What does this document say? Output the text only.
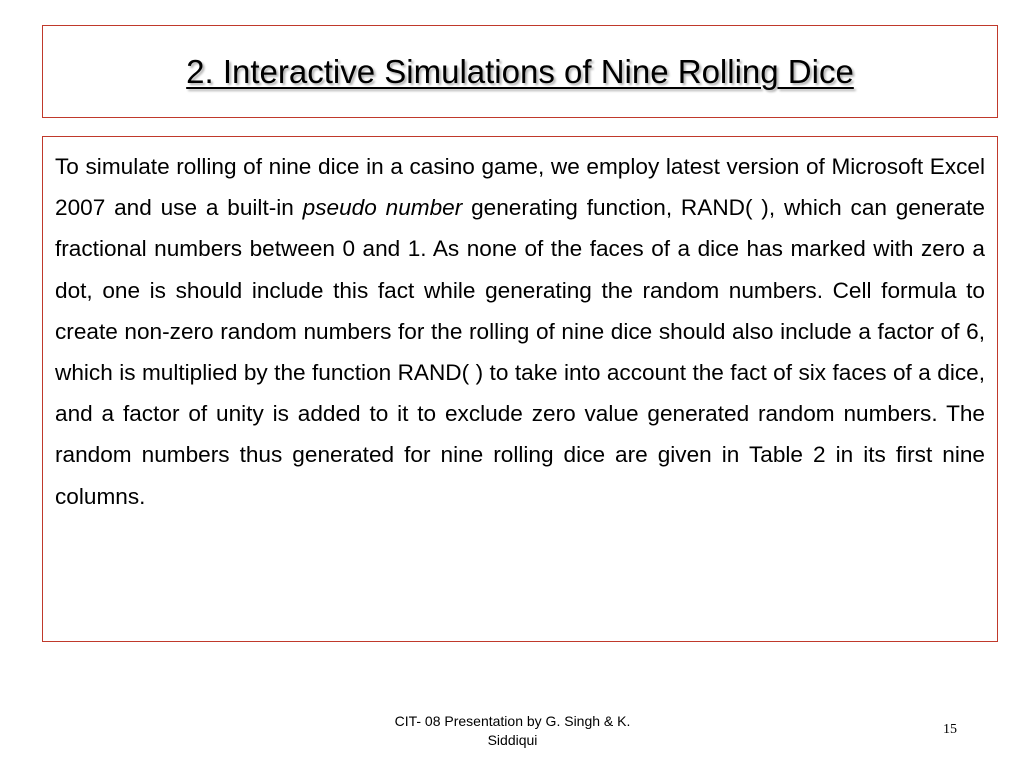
2. Interactive Simulations of Nine Rolling Dice

To simulate rolling of nine dice in a casino game, we employ latest version of Microsoft Excel 2007 and use a built-in pseudo number generating function, RAND( ), which can generate fractional numbers between 0 and 1. As none of the faces of a dice has marked with zero a dot, one is should include this fact while generating the random numbers. Cell formula to create non-zero random numbers for the rolling of nine dice should also include a factor of 6, which is multiplied by the function RAND( ) to take into account the fact of six faces of a dice, and a factor of unity is added to it to exclude zero value generated random numbers. The random numbers thus generated for nine rolling dice are given in Table 2 in its first nine columns.

CIT- 08 Presentation by G. Singh & K.
Siddiqui
15
